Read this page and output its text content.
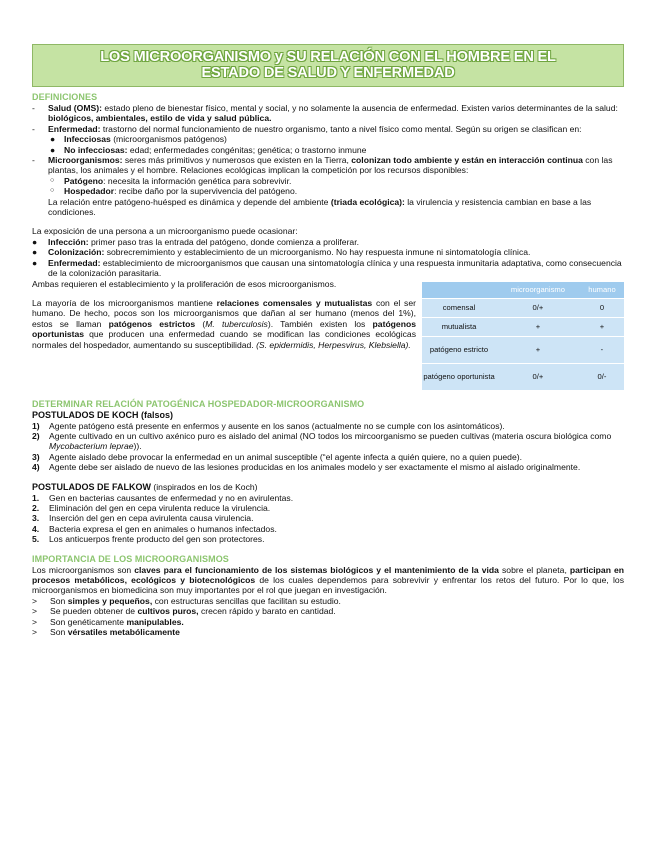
LOS MICROORGANISMO y SU RELACIÓN CON EL HOMBRE EN EL
ESTADO DE SALUD Y ENFERMEDAD
DEFINICIONES
-	Salud (OMS): estado pleno de bienestar físico, mental y social, y no solamente la ausencia de enfermedad. Existen varios determinantes de la salud: biológicos, ambientales, estilo de vida y salud pública.
-	Enfermedad: trastorno del normal funcionamiento de nuestro organismo, tanto a nivel físico como mental. Según su origen se clasifican en:
●	Infecciosas (microorganismos patógenos)
●	No infecciosas: edad; enfermedades congénitas; genética; o trastorno inmune
-	Microorganismos: seres más primitivos y numerosos que existen en la Tierra, colonizan todo ambiente y están en interacción continua con las plantas, los animales y el hombre. Relaciones ecológicas implican la competición por los recursos disponibles:
○	Patógeno: necesita la información genética para sobrevivir.
○	Hospedador: recibe daño por la supervivencia del patógeno.
La relación entre patógeno-huésped es dinámica y depende del ambiente (triada ecológica): la virulencia y resistencia cambian en base a las condiciones.
La exposición de una persona a un microorganismo puede ocasionar:
●	Infección: primer paso tras la entrada del patógeno, donde comienza a proliferar.
●	Colonización: sobrecremimiento y establecimiento de un microorganismo. No hay respuesta inmune ni sintomatología clínica.
●	Enfermedad: establecimiento de microorganismos que causan una sintomatología clínica y una respuesta inmunitaria adaptativa, como consecuencia de la colonización parasitaria.
Ambas requieren el establecimiento y la proliferación de esos microorganismos.
La mayoría de los microorganismos mantiene relaciones comensales y mutualistas con el ser humano. De hecho, pocos son los microorganismos que dañan al ser humano (menos del 1%), estos se llaman patógenos estrictos (M. tuberculosis). También existen los patógenos oportunistas que producen una enfermedad cuando se modifican las condiciones ecológicas normales del hospedador, aumentando su susceptibilidad. (S. epidermidis, Herpesvirus, Klebsiella).
	microorganismo	humano
comensal	0/+	0
mutualista	+	+
patógeno estricto	+	-
patógeno oportunista	0/+	0/-
DETERMINAR RELACIÓN PATOGÉNICA HOSPEDADOR-MICROORGANISMO
POSTULADOS DE KOCH (falsos)
1)	Agente patógeno está presente en enfermos y ausente en los sanos (actualmente no se cumple con los asintomáticos).
2)	Agente cultivado en un cultivo axénico puro es aislado del animal (NO todos los mircoorganismo se pueden cultivas (materia oscura biológica como Mycobacterium leprae)).
3)	Agente aislado debe provocar la enfermedad en un animal susceptible (“el agente infecta a quién quiere, no a quien puede).
4)	Agente debe ser aislado de nuevo de las lesiones producidas en los animales modelo y ser exactamente el mismo al aislado originalmente.
POSTULADOS DE FALKOW (inspirados en los de Koch)
1.	Gen en bacterias causantes de enfermedad y no en avirulentas.
2.	Eliminación del gen en cepa virulenta reduce la virulencia.
3.	Inserción del gen en cepa avirulenta causa virulencia.
4.	Bacteria expresa el gen en animales o humanos infectados.
5.	Los anticuerpos frente producto del gen son protectores.
IMPORTANCIA DE LOS MICROORGANISMOS
Los microorganismos son claves para el funcionamiento de los sistemas biológicos y el mantenimiento de la vida sobre el planeta, participan en procesos metabólicos, ecológicos y biotecnológicos de los cuales dependemos para sobrevivir y enfrentar los retos del futuro. Por lo que, los microorganismos en biomedicina son muy importantes por el rol que juegan en investigación.
>	Son simples y pequeños, con estructuras sencillas que facilitan su estudio.
>	Se pueden obtener de cultivos puros, crecen rápido y barato en cantidad.
>	Son genéticamente manipulables.
>	Son vérsatiles metabólicamente
